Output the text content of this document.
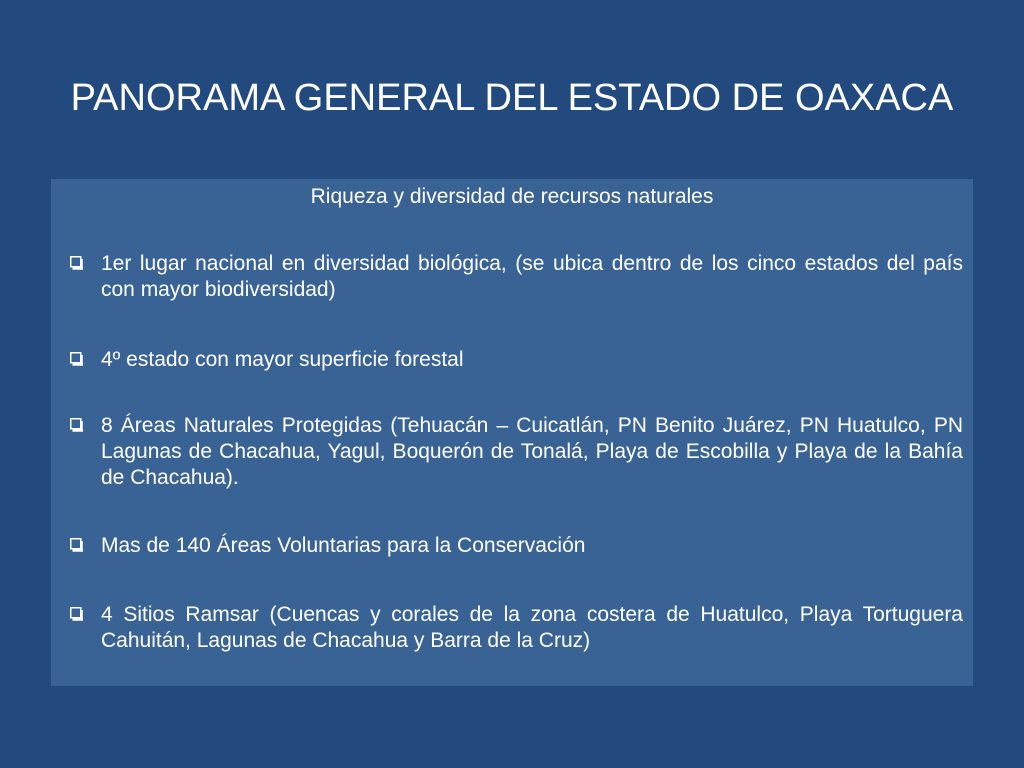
PANORAMA GENERAL DEL ESTADO DE OAXACA
Riqueza y diversidad de recursos naturales
1er lugar nacional en diversidad biológica, (se ubica dentro de los cinco estados del país con mayor biodiversidad)
4º estado con mayor superficie forestal
8 Áreas Naturales Protegidas (Tehuacán – Cuicatlán, PN Benito Juárez, PN Huatulco, PN Lagunas de Chacahua, Yagul, Boquerón de Tonalá, Playa de Escobilla y Playa de la Bahía de Chacahua).
Mas de 140 Áreas Voluntarias para la Conservación
4 Sitios Ramsar (Cuencas y corales de la zona costera de Huatulco, Playa Tortuguera Cahuitán, Lagunas de Chacahua y Barra de la Cruz)
